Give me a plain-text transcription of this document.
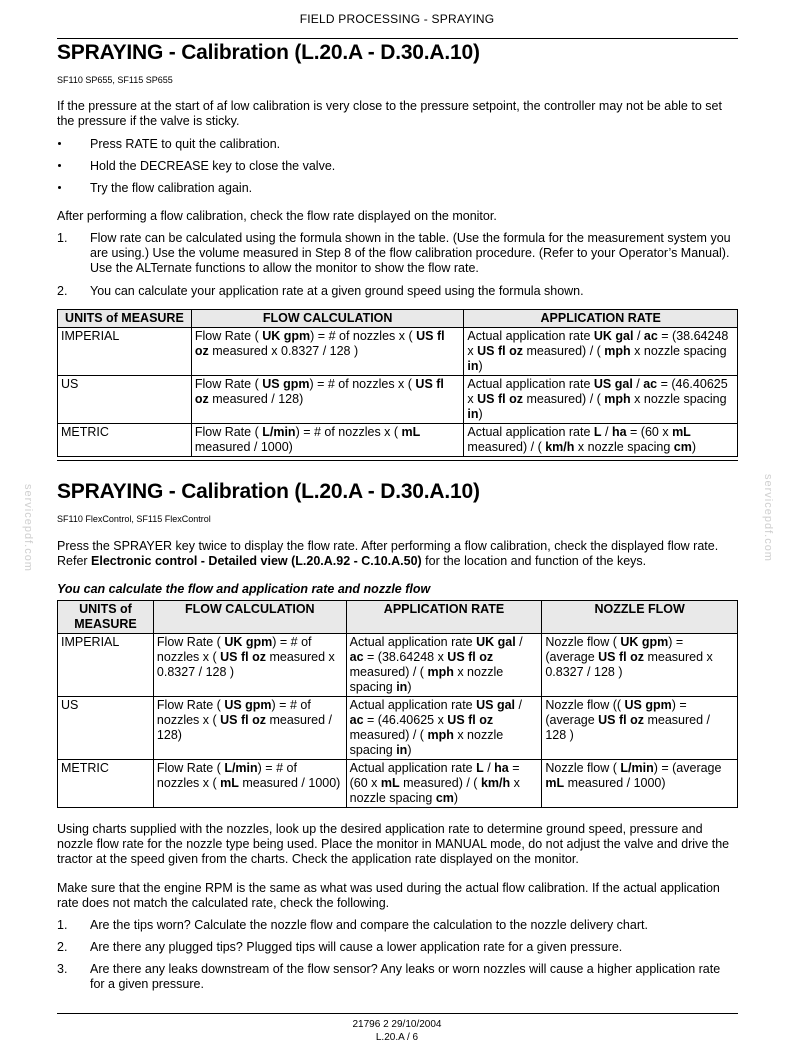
FIELD PROCESSING - SPRAYING
SPRAYING - Calibration (L.20.A - D.30.A.10)
SF110 SP655, SF115 SP655
If the pressure at the start of af low calibration is very close to the pressure setpoint, the controller may not be able to set the pressure if the valve is sticky.
Press RATE to quit the calibration.
Hold the DECREASE key to close the valve.
Try the flow calibration again.
After performing a flow calibration, check the flow rate displayed on the monitor.
1. Flow rate can be calculated using the formula shown in the table. (Use the formula for the measurement system you are using.) Use the volume measured in Step 8 of the flow calibration procedure. (Refer to your Operator’s Manual). Use the ALTernate functions to allow the monitor to show the flow rate.
2. You can calculate your application rate at a given ground speed using the formula shown.
UNITS of MEASURE	FLOW CALCULATION	APPLICATION RATE
IMPERIAL	Flow Rate ( UK gpm) = # of nozzles x ( US fl oz measured x 0.8327 / 128 )	Actual application rate UK gal / ac = (38.64248 x US fl oz measured) / ( mph x nozzle spacing in)
US	Flow Rate ( US gpm) = # of nozzles x ( US fl oz measured / 128)	Actual application rate US gal / ac = (46.40625 x US fl oz measured) / ( mph x nozzle spacing in)
METRIC	Flow Rate ( L/min) = # of nozzles x ( mL measured / 1000)	Actual application rate L / ha = (60 x mL measured) / ( km/h x nozzle spacing cm)
SPRAYING - Calibration (L.20.A - D.30.A.10)
SF110 FlexControl, SF115 FlexControl
Press the SPRAYER key twice to display the flow rate. After performing a flow calibration, check the displayed flow rate. Refer Electronic control - Detailed view (L.20.A.92 - C.10.A.50) for the location and function of the keys.
You can calculate the flow and application rate and nozzle flow
UNITS of MEASURE	FLOW CALCULATION	APPLICATION RATE	NOZZLE FLOW
IMPERIAL	Flow Rate ( UK gpm) = # of nozzles x ( US fl oz measured x 0.8327 / 128 )	Actual application rate UK gal / ac = (38.64248 x US fl oz measured) / ( mph x nozzle spacing in)	Nozzle flow ( UK gpm) = (average US fl oz measured x 0.8327 / 128 )
US	Flow Rate ( US gpm) = # of nozzles x ( US fl oz measured / 128)	Actual application rate US gal / ac = (46.40625 x US fl oz measured) / ( mph x nozzle spacing in)	Nozzle flow (( US gpm) = (average US fl oz measured / 128 )
METRIC	Flow Rate ( L/min) = # of nozzles x ( mL measured / 1000)	Actual application rate L / ha = (60 x mL measured) / ( km/h x nozzle spacing cm)	Nozzle flow ( L/min) = (average mL measured / 1000)
Using charts supplied with the nozzles, look up the desired application rate to determine ground speed, pressure and nozzle flow rate for the nozzle type being used. Place the monitor in MANUAL mode, do not adjust the valve and drive the tractor at the speed given from the charts. Check the application rate displayed on the monitor.
Make sure that the engine RPM is the same as what was used during the actual flow calibration. If the actual application rate does not match the calculated rate, check the following.
1. Are the tips worn? Calculate the nozzle flow and compare the calculation to the nozzle delivery chart.
2. Are there any plugged tips? Plugged tips will cause a lower application rate for a given pressure.
3. Are there any leaks downstream of the flow sensor? Any leaks or worn nozzles will cause a higher application rate for a given pressure.
servicepdf.com	servicepdf.com
21796 2 29/10/2004
L.20.A / 6
